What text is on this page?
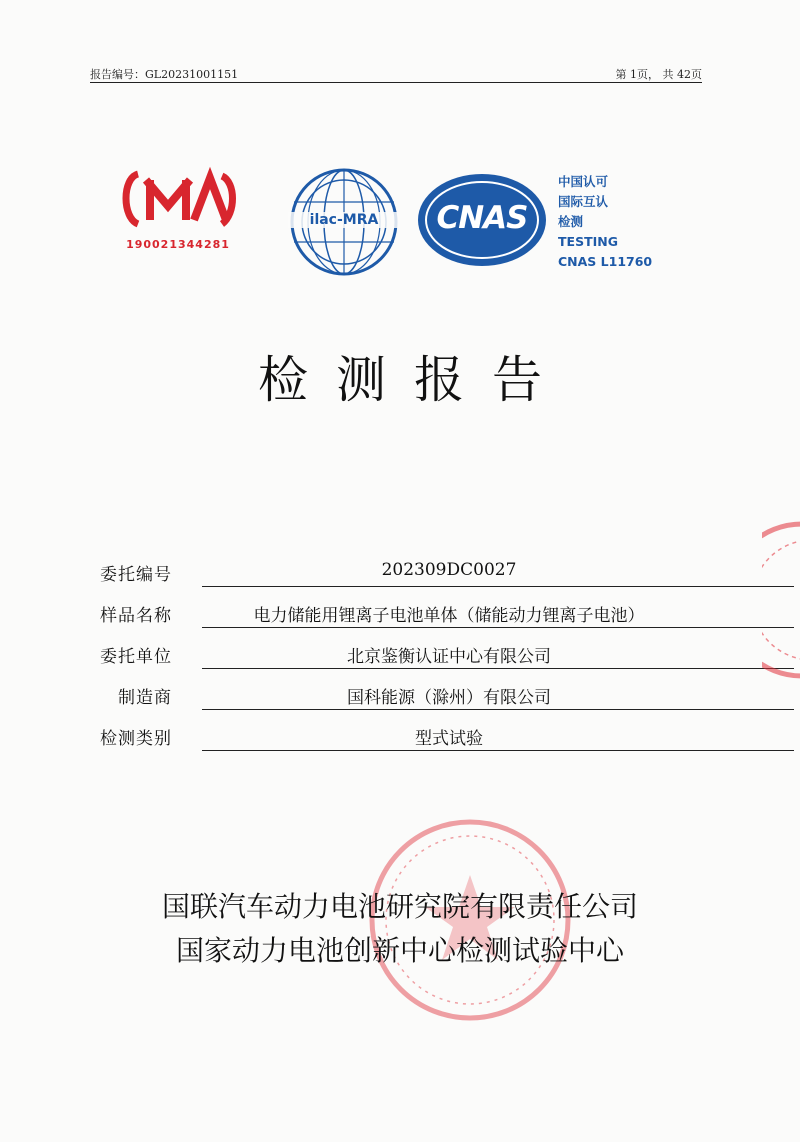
报告编号：GL20231001151	第 1页， 共 42页
190021344281
ilac-MRA	CNAS
中国认可
国际互认
检测
TESTING
CNAS L11760
检测报告
委托编号	202309DC0027
样品名称	电力储能用锂离子电池单体（储能动力锂离子电池）
委托单位	北京鉴衡认证中心有限公司
制造商	国科能源（滁州）有限公司
检测类别	型式试验
国联汽车动力电池研究院有限责任公司
国家动力电池创新中心检测试验中心
